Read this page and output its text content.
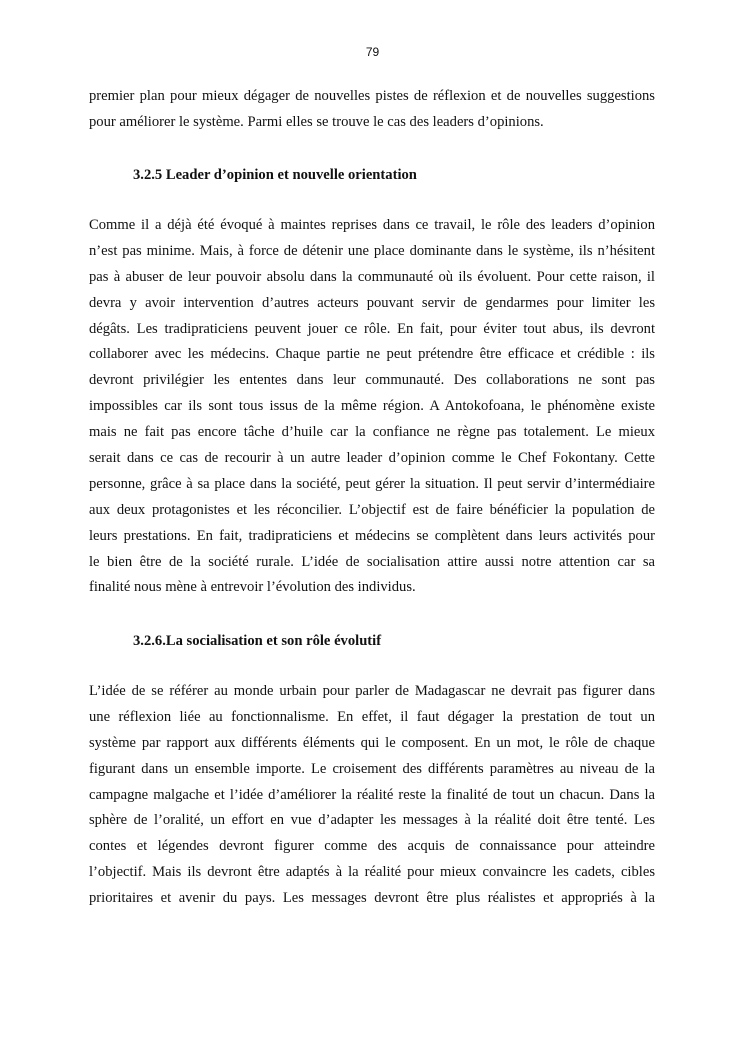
79
premier plan pour mieux dégager de nouvelles pistes de réflexion et de nouvelles suggestions
pour améliorer le système. Parmi elles se trouve le cas des leaders d’opinions.
3.2.5 Leader d’opinion et nouvelle orientation
Comme il a déjà été évoqué à maintes reprises dans ce travail, le rôle des leaders d’opinion
n’est pas minime. Mais, à force de détenir une place dominante dans le système, ils n’hésitent
pas à abuser de leur pouvoir absolu dans la communauté où ils évoluent. Pour cette raison, il
devra y avoir intervention d’autres acteurs pouvant servir de gendarmes pour limiter les
dégâts. Les tradipraticiens peuvent jouer ce rôle. En fait, pour éviter tout abus, ils devront
collaborer avec les médecins. Chaque partie ne peut prétendre être efficace et crédible : ils
devront privilégier les ententes dans leur communauté. Des collaborations ne sont pas
impossibles car ils sont tous issus de la même région. A Antokofoana, le phénomène existe
mais ne fait pas encore tâche d’huile car la confiance ne règne pas totalement. Le mieux
serait dans ce cas de recourir à un autre leader d’opinion comme le Chef Fokontany. Cette
personne, grâce à sa place dans la société, peut gérer la situation. Il peut servir d’intermédiaire
aux deux protagonistes et les réconcilier. L’objectif est de faire bénéficier la population de
leurs prestations. En fait, tradipraticiens et médecins se complètent dans leurs activités pour
le bien être de la société rurale. L’idée de socialisation attire aussi notre attention car sa
finalité nous mène à entrevoir l’évolution des individus.
3.2.6.La socialisation et son rôle évolutif
L’idée de se référer au monde urbain pour parler de Madagascar ne devrait pas figurer dans
une réflexion liée au fonctionnalisme. En effet, il faut dégager la prestation de tout un
système par rapport aux différents éléments qui le composent. En un mot, le rôle de chaque
figurant dans un ensemble importe. Le croisement des différents paramètres au niveau de la
campagne malgache et l’idée d’améliorer la réalité reste la finalité de tout un chacun. Dans la
sphère de l’oralité, un effort en vue d’adapter les messages à la réalité doit être tenté. Les
contes et légendes devront figurer comme des acquis de connaissance pour atteindre
l’objectif. Mais ils devront être adaptés à la réalité pour mieux convaincre les cadets, cibles
prioritaires et avenir du pays. Les messages devront être plus réalistes et appropriés à la
